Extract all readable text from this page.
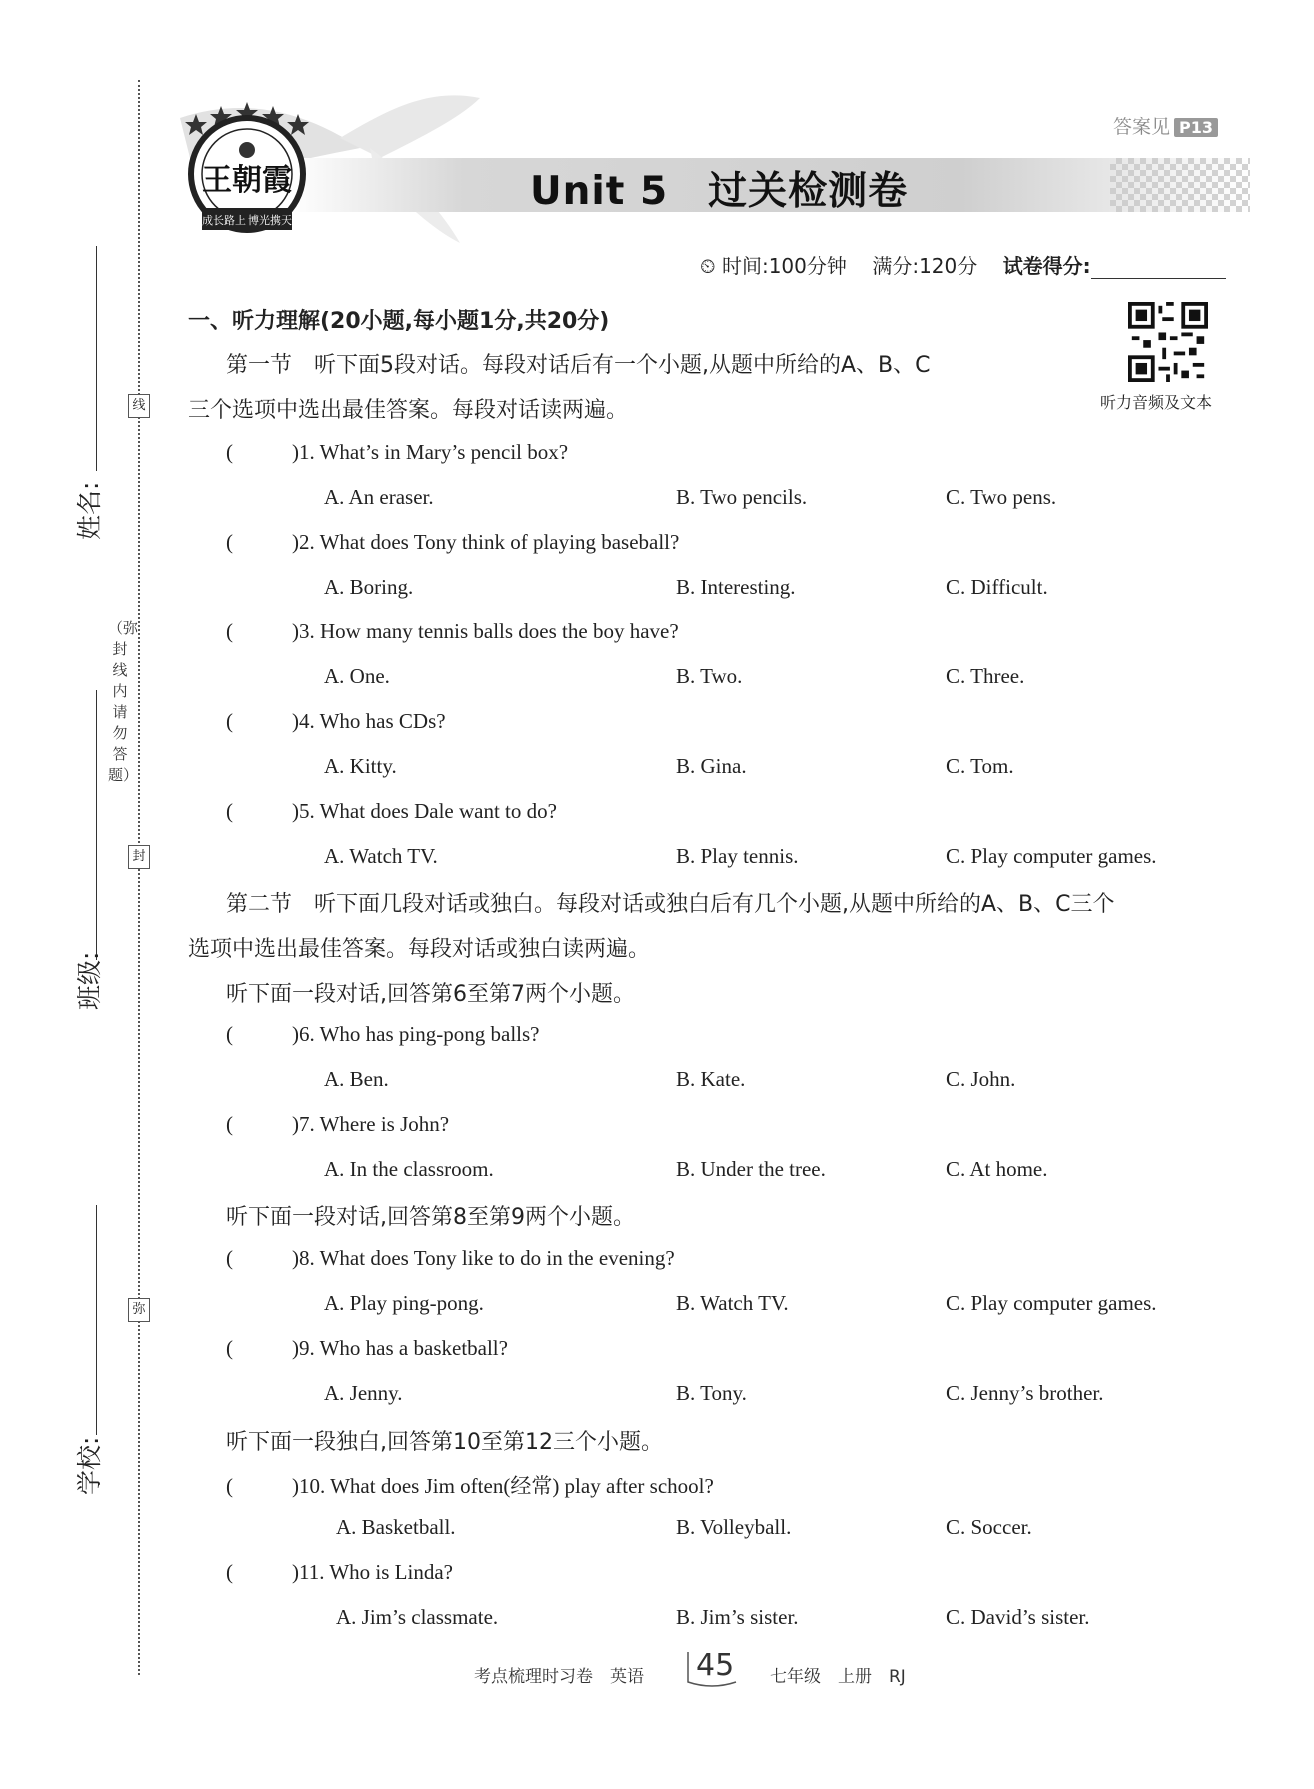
姓名:
班级:
学校:
（弥封线内请勿答题）
线
封
弥
王朝霞
成长路上 博光携天
答案见 P13
Unit 5　过关检测卷
⏲ 时间:100分钟 满分:120分 试卷得分:
听力音频及文本
一、听力理解(20小题,每小题1分,共20分)
第一节　听下面5段对话。每段对话后有一个小题,从题中所给的A、B、C
三个选项中选出最佳答案。每段对话读两遍。
第二节　听下面几段对话或独白。每段对话或独白后有几个小题,从题中所给的A、B、C三个
选项中选出最佳答案。每段对话或独白读两遍。
听下面一段对话,回答第6至第7两个小题。
听下面一段对话,回答第8至第9两个小题。
听下面一段独白,回答第10至第12三个小题。
(	)1. What’s in Mary’s pencil box?
A. An eraser.	B. Two pencils.	C. Two pens.
(	)2. What does Tony think of playing baseball?
A. Boring.	B. Interesting.	C. Difficult.
(	)3. How many tennis balls does the boy have?
A. One.	B. Two.	C. Three.
(	)4. Who has CDs?
A. Kitty.	B. Gina.	C. Tom.
(	)5. What does Dale want to do?
A. Watch TV.	B. Play tennis.	C. Play computer games.
(	)6. Who has ping-pong balls?
A. Ben.	B. Kate.	C. John.
(	)7. Where is John?
A. In the classroom.	B. Under the tree.	C. At home.
(	)8. What does Tony like to do in the evening?
A. Play ping-pong.	B. Watch TV.	C. Play computer games.
(	)9. Who has a basketball?
A. Jenny.	B. Tony.	C. Jenny’s brother.
(	)10. What does Jim often(经常) play after school?
A. Basketball.	B. Volleyball.	C. Soccer.
(	)11. Who is Linda?
A. Jim’s classmate.	B. Jim’s sister.	C. David’s sister.
考点梳理时习卷　英语 45 七年级　上册　RJ
